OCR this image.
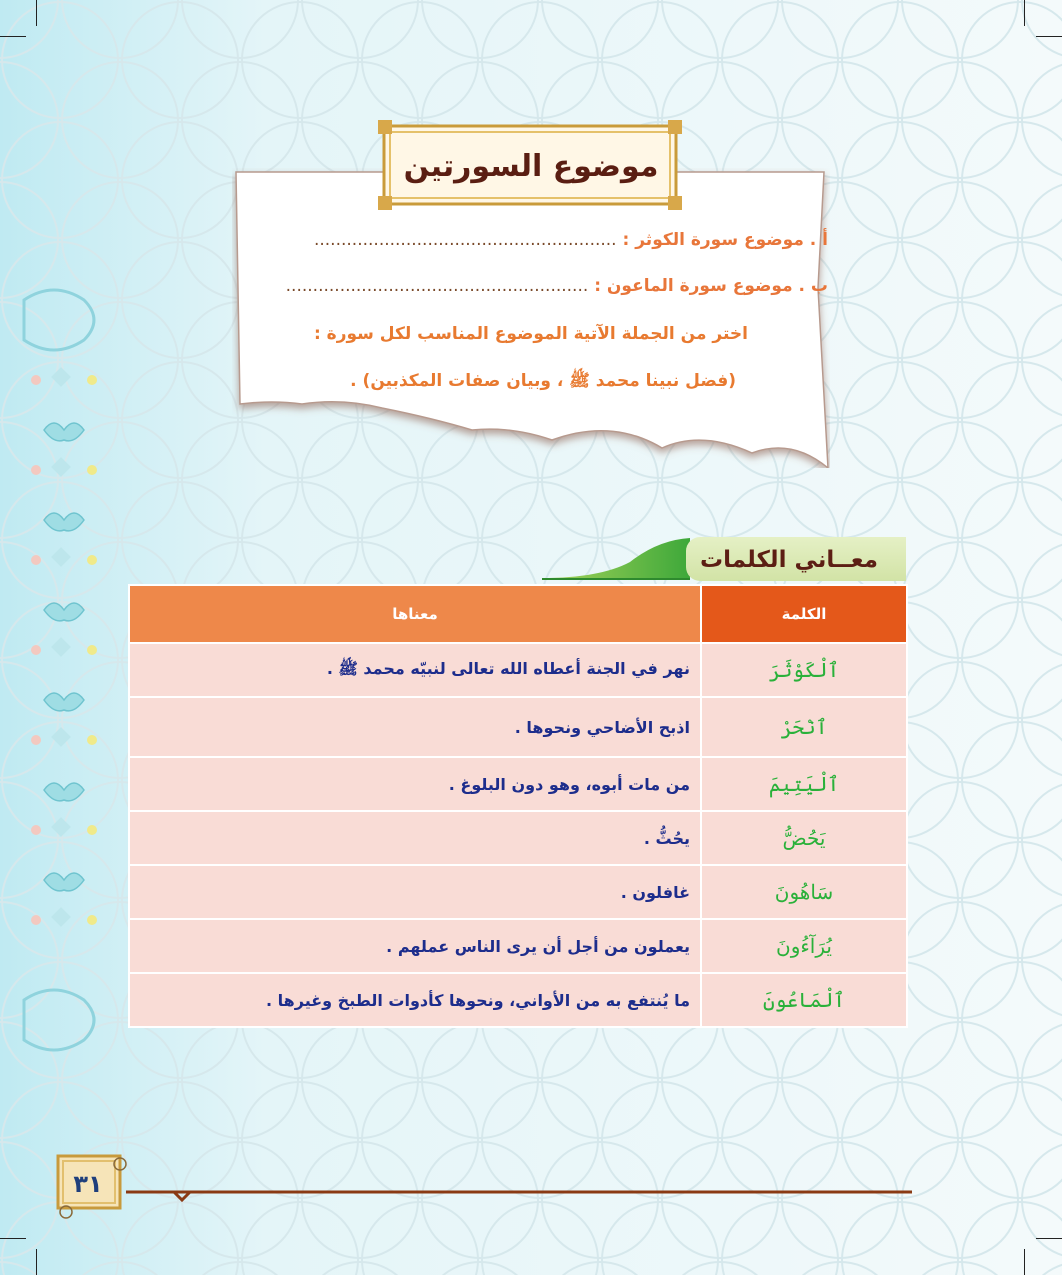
موضوع السورتين
أ . موضوع سورة الكوثر : ........................................................
ب . موضوع سورة الماعون : ........................................................
اختر من الجملة الآتية الموضوع المناسب لكل سورة :
(فضل نبينا محمد ﷺ ، وبيان صفات المكذبين) .
معــاني الكلمات
الكلمة	معناها
ٱلْكَوْثَرَ	نهر في الجنة أعطاه الله تعالى لنبيّه محمد ﷺ .
ٱنْحَرْ	اذبح الأضاحي ونحوها .
ٱلْيَتِيمَ	من مات أبوه، وهو دون البلوغ .
يَحُضُّ	يحُثُّ .
سَاهُونَ	غافلون .
يُرَآءُونَ	يعملون من أجل أن يرى الناس عملهم .
ٱلْمَاعُونَ	ما يُنتفع به من الأواني، ونحوها كأدوات الطبخ وغيرها .
٣١
